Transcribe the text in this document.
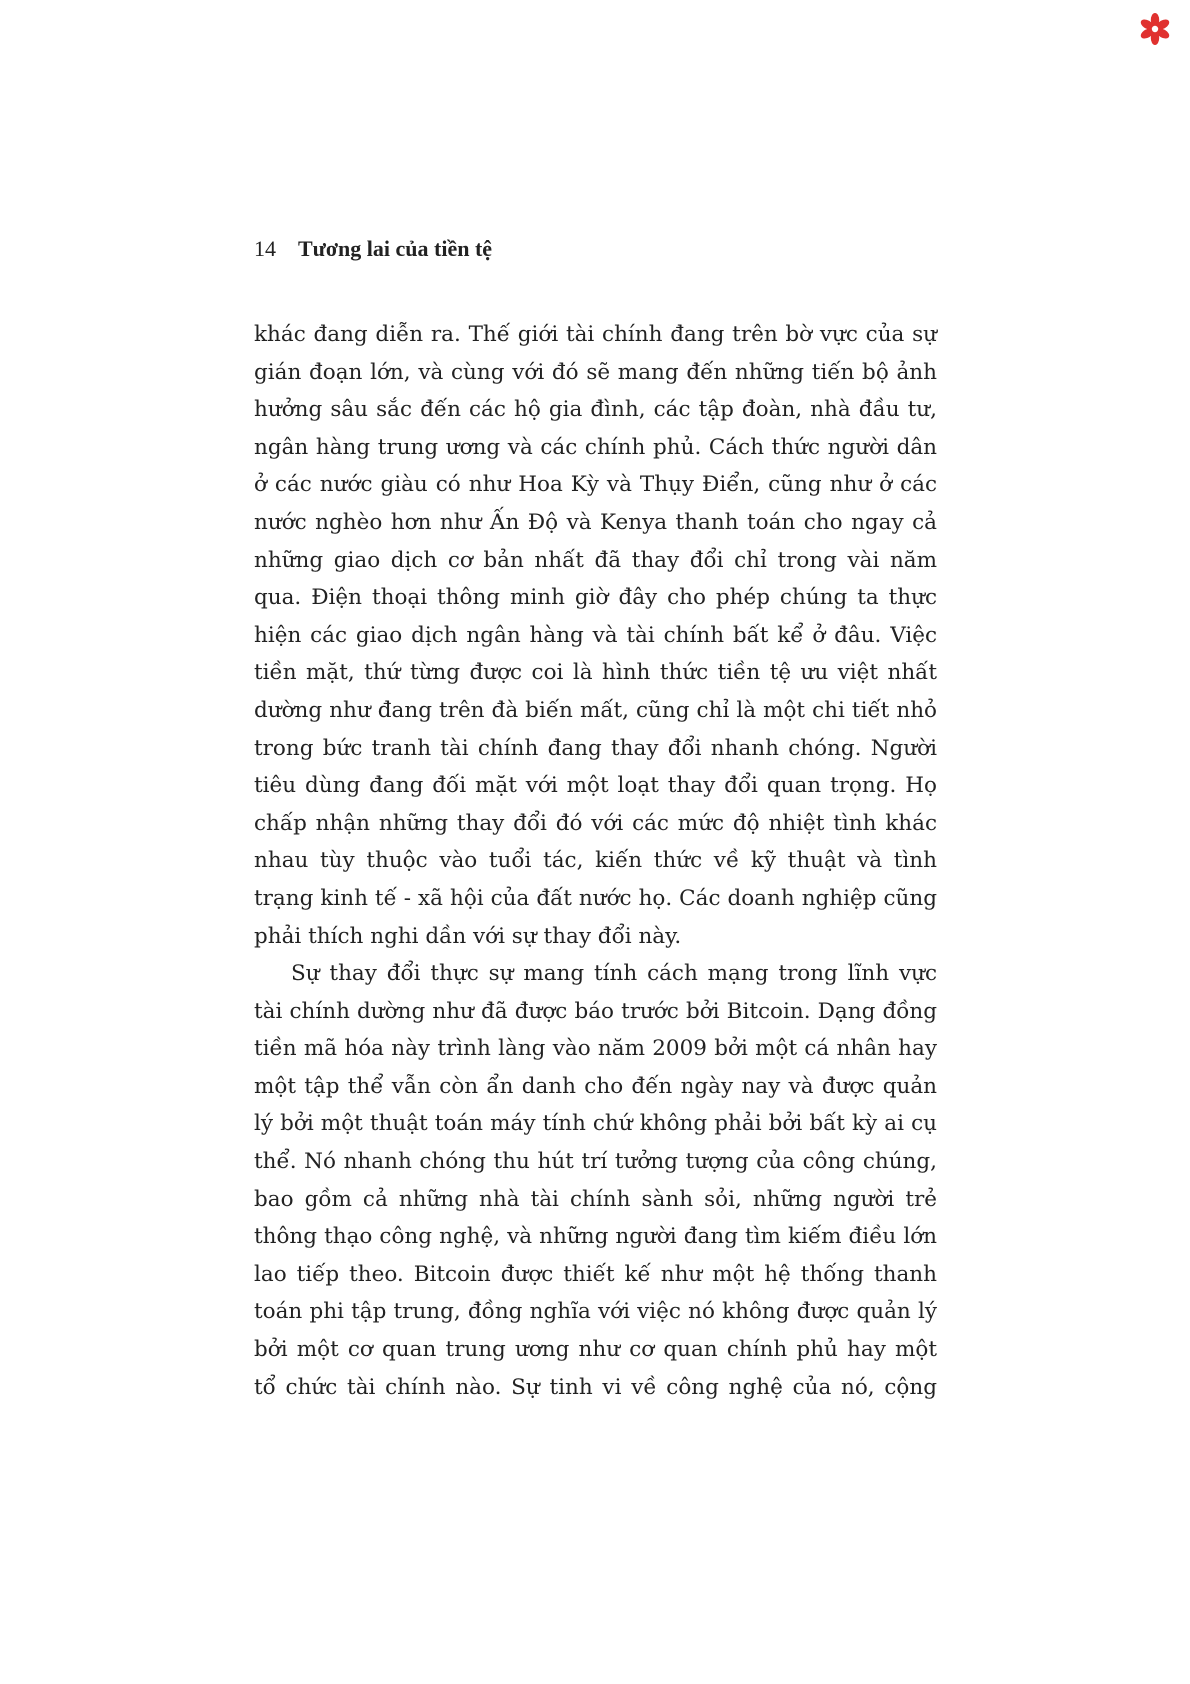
14 Tương lai của tiền tệ

khác đang diễn ra. Thế giới tài chính đang trên bờ vực của sự gián đoạn lớn, và cùng với đó sẽ mang đến những tiến bộ ảnh hưởng sâu sắc đến các hộ gia đình, các tập đoàn, nhà đầu tư, ngân hàng trung ương và các chính phủ. Cách thức người dân ở các nước giàu có như Hoa Kỳ và Thụy Điển, cũng như ở các nước nghèo hơn như Ấn Độ và Kenya thanh toán cho ngay cả những giao dịch cơ bản nhất đã thay đổi chỉ trong vài năm qua. Điện thoại thông minh giờ đây cho phép chúng ta thực hiện các giao dịch ngân hàng và tài chính bất kể ở đâu. Việc tiền mặt, thứ từng được coi là hình thức tiền tệ ưu việt nhất dường như đang trên đà biến mất, cũng chỉ là một chi tiết nhỏ trong bức tranh tài chính đang thay đổi nhanh chóng. Người tiêu dùng đang đối mặt với một loạt thay đổi quan trọng. Họ chấp nhận những thay đổi đó với các mức độ nhiệt tình khác nhau tùy thuộc vào tuổi tác, kiến thức về kỹ thuật và tình trạng kinh tế - xã hội của đất nước họ. Các doanh nghiệp cũng phải thích nghi dần với sự thay đổi này.

Sự thay đổi thực sự mang tính cách mạng trong lĩnh vực tài chính dường như đã được báo trước bởi Bitcoin. Dạng đồng tiền mã hóa này trình làng vào năm 2009 bởi một cá nhân hay một tập thể vẫn còn ẩn danh cho đến ngày nay và được quản lý bởi một thuật toán máy tính chứ không phải bởi bất kỳ ai cụ thể. Nó nhanh chóng thu hút trí tưởng tượng của công chúng, bao gồm cả những nhà tài chính sành sỏi, những người trẻ thông thạo công nghệ, và những người đang tìm kiếm điều lớn lao tiếp theo. Bitcoin được thiết kế như một hệ thống thanh toán phi tập trung, đồng nghĩa với việc nó không được quản lý bởi một cơ quan trung ương như cơ quan chính phủ hay một tổ chức tài chính nào. Sự tinh vi về công nghệ của nó, cộng
